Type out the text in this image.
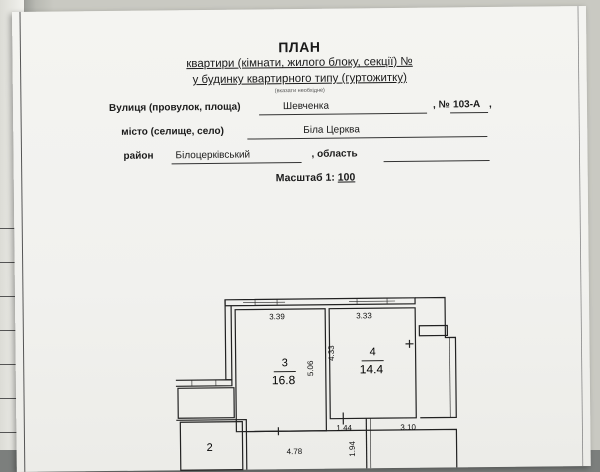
ПЛАН
квартири (кімнати, жилого блоку, секції) №
у будинку квартирного типу (гуртожитку)
(вказати необхідне)
Вулиця (провулок, площа)	Шевченка	, № 103-А ,
місто (селище, село)	Біла Церква
район Білоцерківський	, область
Масштаб 1: 100
3.39	3.33
5.06
4.33
1.44	3.10
4.78	1.94
3
16.8
4
14.4
2
